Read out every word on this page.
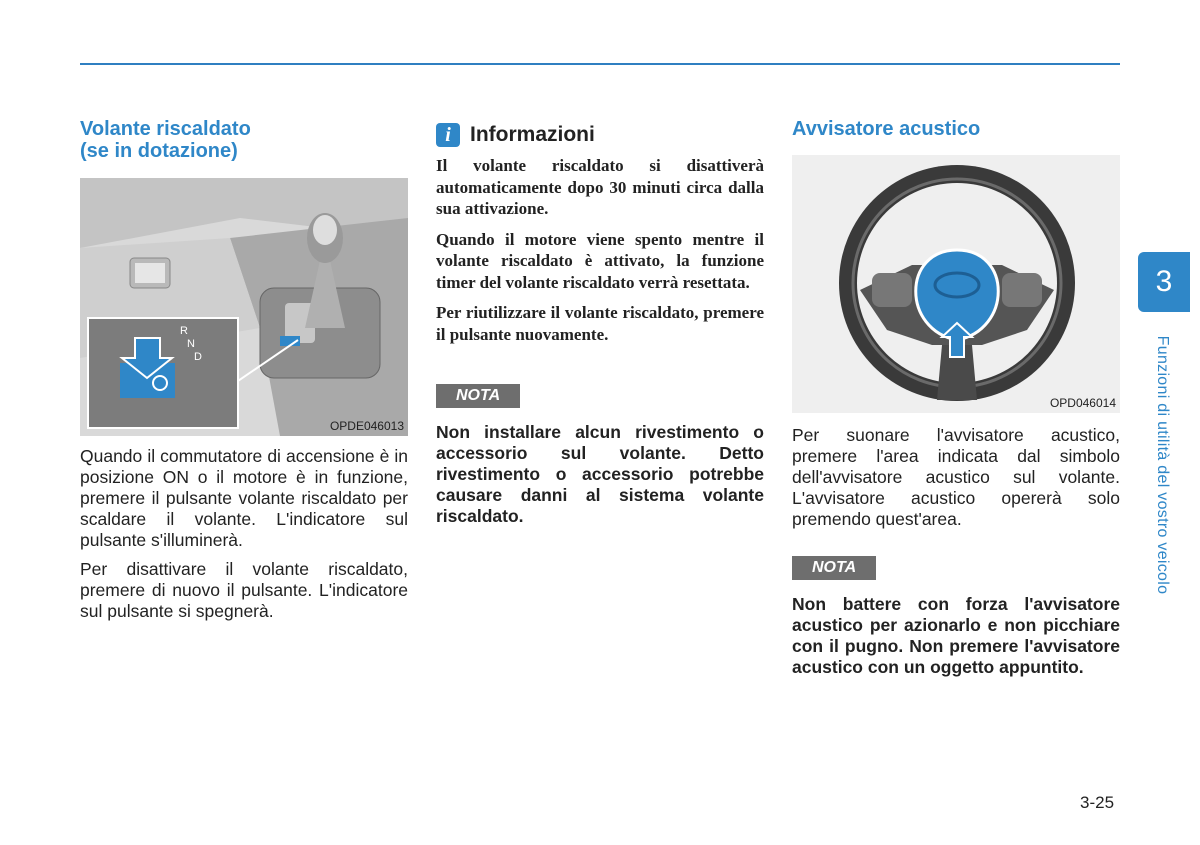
Volante riscaldato
(se in dotazione)
R
N
D
OPDE046013

Quando il commutatore di accensione è in posizione ON o il motore è in funzione, premere il pulsante volante riscaldato per scaldare il volante. L'indicatore sul pulsante s'illuminerà.

Per disattivare il volante riscaldato, premere di nuovo il pulsante. L'indicatore sul pulsante si spegnerà.

i Informazioni

Il volante riscaldato si disattiverà automaticamente dopo 30 minuti circa dalla sua attivazione.

Quando il motore viene spento mentre il volante riscaldato è attivato, la funzione timer del volante riscaldato verrà resettata.

Per riutilizzare il volante riscaldato, premere il pulsante nuovamente.

NOTA

Non installare alcun rivestimento o accessorio sul volante. Detto rivestimento o accessorio potrebbe causare danni al sistema volante riscaldato.

Avvisatore acustico
OPD046014

Per suonare l'avvisatore acustico, premere l'area indicata dal simbolo dell'avvisatore acustico sul volante. L'avvisatore acustico opererà solo premendo quest'area.

NOTA

Non battere con forza l'avvisatore acustico per azionarlo e non picchiare con il pugno. Non premere l'avvisatore acustico con un oggetto appuntito.

3
Funzioni di utilità del vostro veicolo
3-25
